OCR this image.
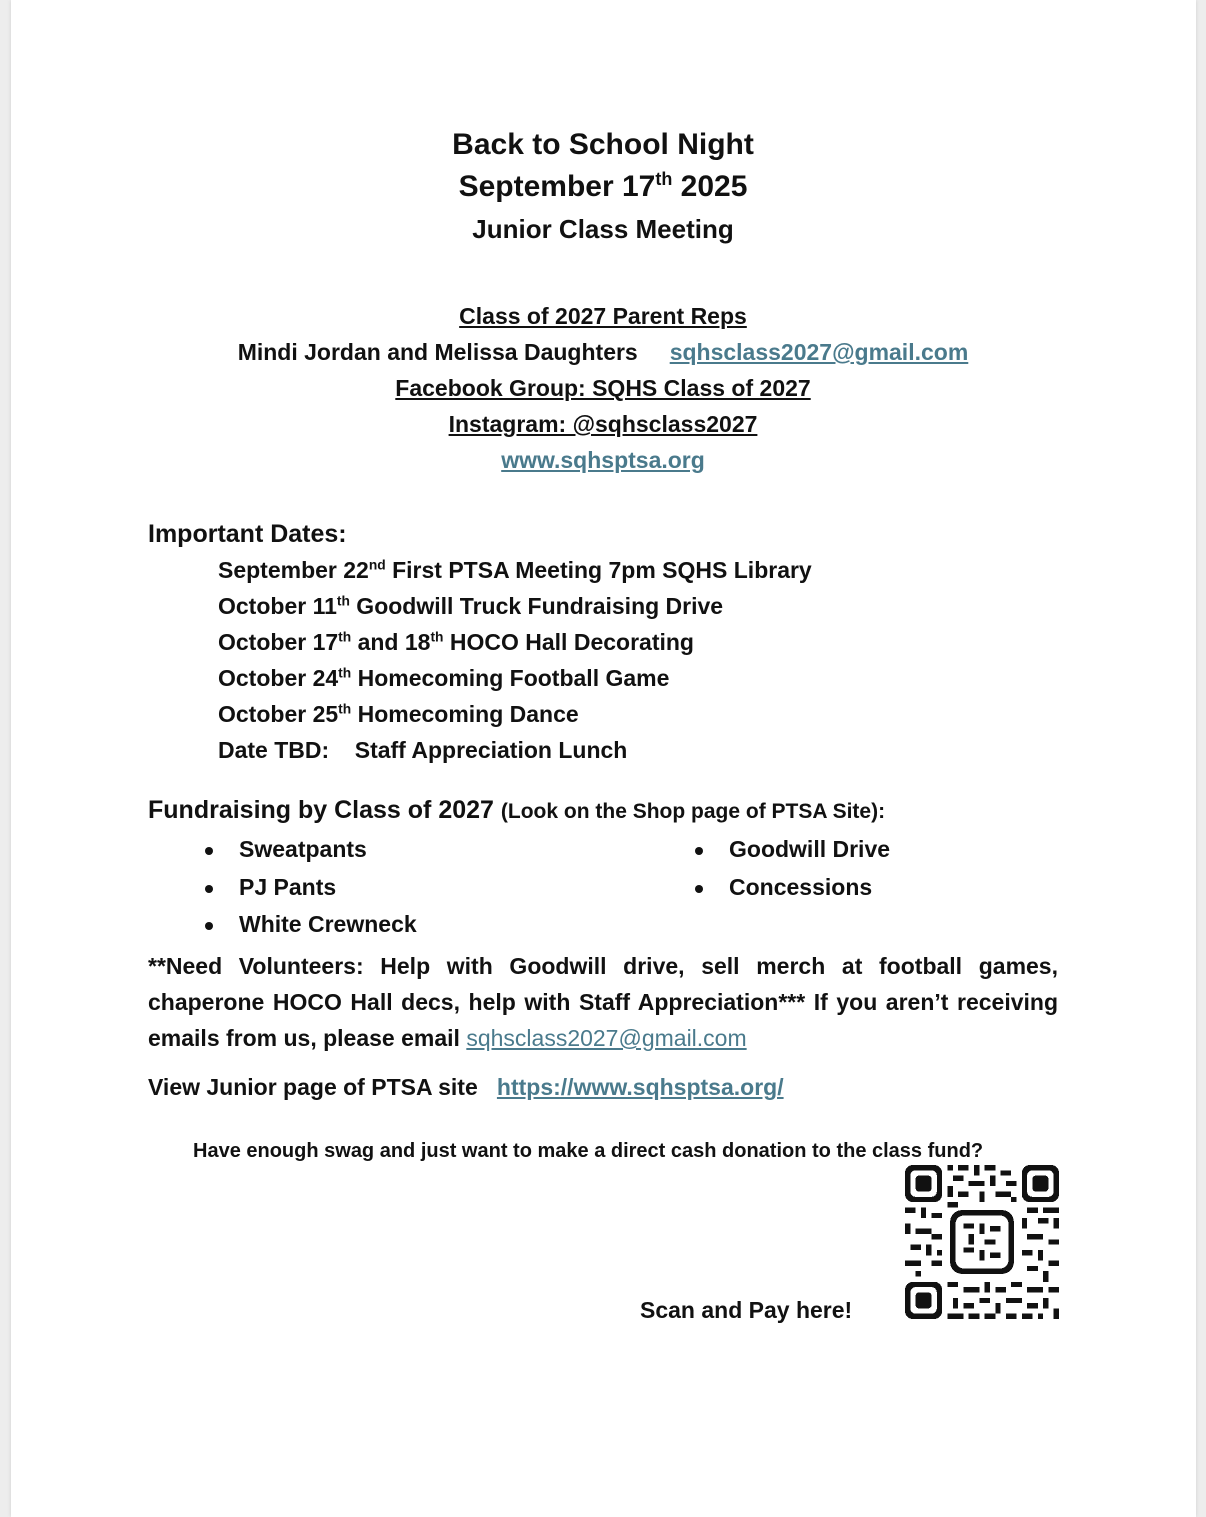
Back to School Night
September 17th 2025
Junior Class Meeting
Class of 2027 Parent Reps
Mindi Jordan and Melissa Daughters sqhsclass2027@gmail.com
Facebook Group: SQHS Class of 2027
Instagram: @sqhsclass2027
www.sqhsptsa.org
Important Dates:
September 22nd First PTSA Meeting 7pm SQHS Library
October 11th Goodwill Truck Fundraising Drive
October 17th and 18th HOCO Hall Decorating
October 24th Homecoming Football Game
October 25th Homecoming Dance
Date TBD:    Staff Appreciation Lunch
Fundraising by Class of 2027 (Look on the Shop page of PTSA Site):
Sweatpants
PJ Pants
White Crewneck
Goodwill Drive
Concessions
**Need Volunteers: Help with Goodwill drive, sell merch at football games, chaperone HOCO Hall decs, help with Staff Appreciation*** If you aren’t receiving emails from us, please email sqhsclass2027@gmail.com
View Junior page of PTSA site https://www.sqhsptsa.org/
Have enough swag and just want to make a direct cash donation to the class fund?
Scan and Pay here!
